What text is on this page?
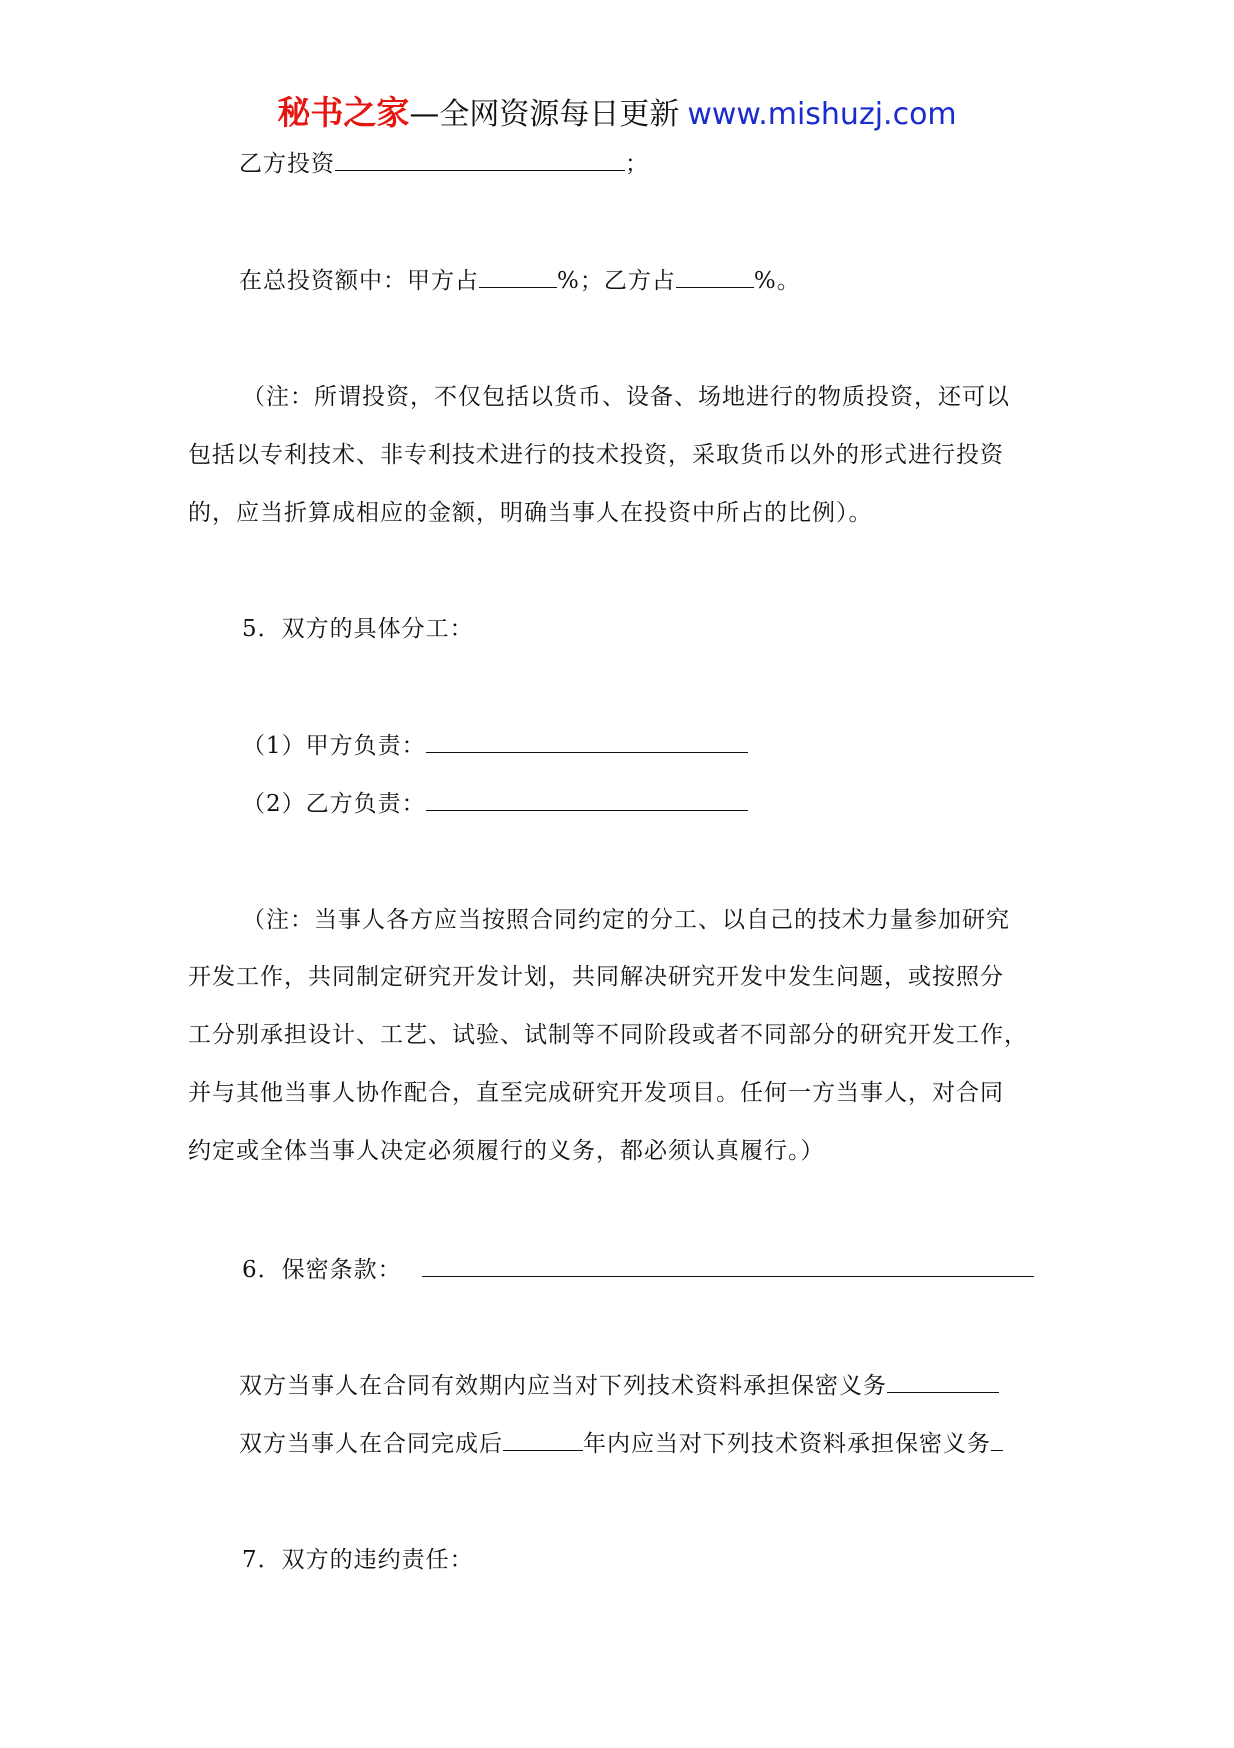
秘书之家—全网资源每日更新 www.mishuzj.com
乙方投资	；
在总投资额中：甲方占	%；乙方占	%。
（注：所谓投资，不仅包括以货币、设备、场地进行的物质投资，还可以
包括以专利技术、非专利技术进行的技术投资，采取货币以外的形式进行投资
的，应当折算成相应的金额，明确当事人在投资中所占的比例）。
5．双方的具体分工：
（1）甲方负责：
（2）乙方负责：
（注：当事人各方应当按照合同约定的分工、以自己的技术力量参加研究
开发工作，共同制定研究开发计划，共同解决研究开发中发生问题，或按照分
工分别承担设计、工艺、试验、试制等不同阶段或者不同部分的研究开发工作，
并与其他当事人协作配合，直至完成研究开发项目。任何一方当事人，对合同
约定或全体当事人决定必须履行的义务，都必须认真履行。）
6．保密条款：
双方当事人在合同有效期内应当对下列技术资料承担保密义务
双方当事人在合同完成后	年内应当对下列技术资料承担保密义务
7．双方的违约责任：
